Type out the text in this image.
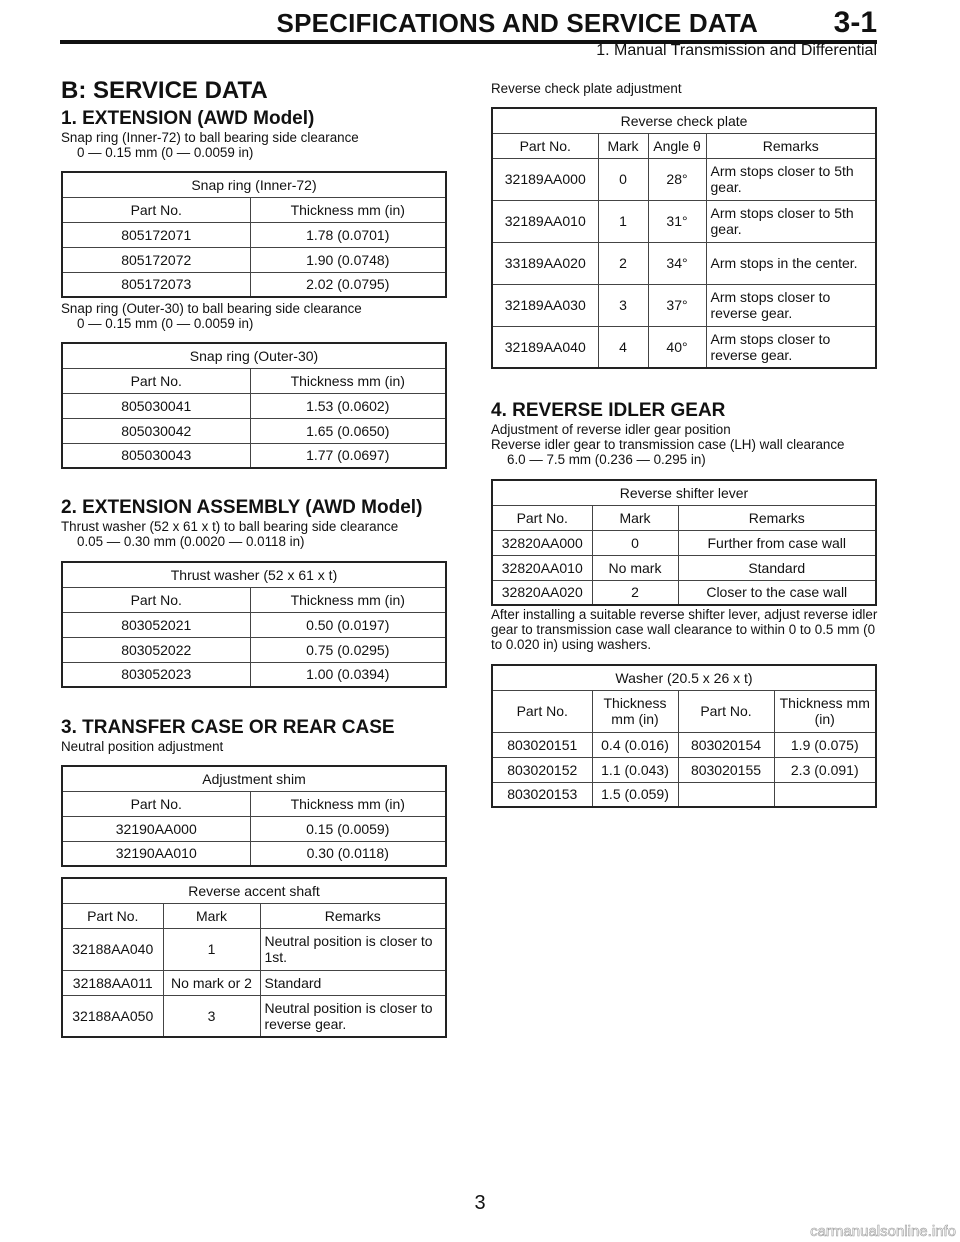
SPECIFICATIONS AND SERVICE DATA	3-1
1. Manual Transmission and Differential
B: SERVICE DATA
1. EXTENSION (AWD Model)
Snap ring (Inner-72) to ball bearing side clearance
0 — 0.15 mm (0 — 0.0059 in)
Snap ring (Inner-72)	
Part No.	Thickness mm (in)
805172071	1.78 (0.0701)
805172072	1.90 (0.0748)
805172073	2.02 (0.0795)
Snap ring (Outer-30) to ball bearing side clearance
0 — 0.15 mm (0 — 0.0059 in)
Snap ring (Outer-30)	
Part No.	Thickness mm (in)
805030041	1.53 (0.0602)
805030042	1.65 (0.0650)
805030043	1.77 (0.0697)
2. EXTENSION ASSEMBLY (AWD Model)
Thrust washer (52 x 61 x t) to ball bearing side clearance
0.05 — 0.30 mm (0.0020 — 0.0118 in)
Thrust washer (52 x 61 x t)	
Part No.	Thickness mm (in)
803052021	0.50 (0.0197)
803052022	0.75 (0.0295)
803052023	1.00 (0.0394)
3. TRANSFER CASE OR REAR CASE
Neutral position adjustment
Adjustment shim	
Part No.	Thickness mm (in)
32190AA000	0.15 (0.0059)
32190AA010	0.30 (0.0118)
Reverse accent shaft		
Part No.	Mark	Remarks
32188AA040	1	Neutral position is closer to 1st.
32188AA011	No mark or 2	Standard
32188AA050	3	Neutral position is closer to reverse gear.
Reverse check plate adjustment
Reverse check plate			
Part No.	Mark	Angle θ	Remarks
32189AA000	0	28°	Arm stops closer to 5th gear.
32189AA010	1	31°	Arm stops closer to 5th gear.
33189AA020	2	34°	Arm stops in the center.
32189AA030	3	37°	Arm stops closer to reverse gear.
32189AA040	4	40°	Arm stops closer to reverse gear.
4. REVERSE IDLER GEAR
Adjustment of reverse idler gear position
Reverse idler gear to transmission case (LH) wall clearance
6.0 — 7.5 mm (0.236 — 0.295 in)
Reverse shifter lever		
Part No.	Mark	Remarks
32820AA000	0	Further from case wall
32820AA010	No mark	Standard
32820AA020	2	Closer to the case wall
After installing a suitable reverse shifter lever, adjust reverse idler
gear to transmission case wall clearance to within 0 to 0.5 mm (0
to 0.020 in) using washers.
Washer (20.5 x 26 x t)			
Part No.	Thickness mm (in)	Part No.	Thickness mm (in)
803020151	0.4 (0.016)	803020154	1.9 (0.075)
803020152	1.1 (0.043)	803020155	2.3 (0.091)
803020153	1.5 (0.059)		
3
carmanualsonline.info
